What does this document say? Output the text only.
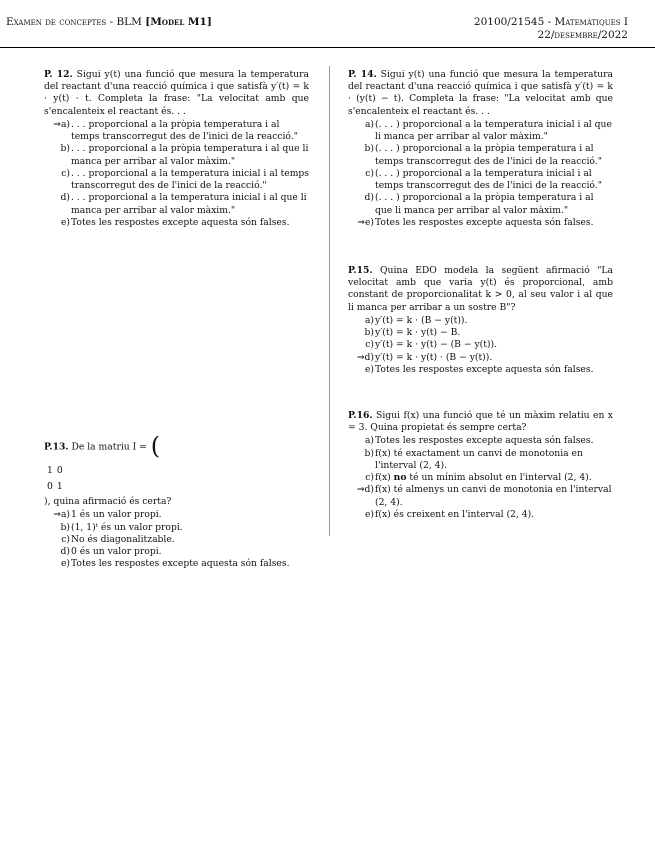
Examen de conceptes - BLM [Model M1]	20100/21545 - Matemàtiques I
22/desembre/2022

P. 12. Sigui y(t) una funció que mesura la temperatura del reactant d'una reacció química i que satisfà y′(t) = k · y(t) · t. Completa la frase: "La velocitat amb que s'encalenteix el reactant és. . .

⇒a) . . . proporcional a la pròpia temperatura i al temps transcorregut des de l'inici de la reacció."
b) . . . proporcional a la pròpia temperatura i al que li manca per arribar al valor màxim."
c) . . . proporcional a la temperatura inicial i al temps transcorregut des de l'inici de la reacció."
d) . . . proporcional a la temperatura inicial i al que li manca per arribar al valor màxim."
e) Totes les respostes excepte aquesta són falses.

P.13. De la matriu I = (

1	0
0	1
), quina afirmació és certa?

⇒a) 1 és un valor propi.
b) (1, 1)ᵗ és un valor propi.
c) No és diagonalitzable.
d) 0 és un valor propi.
e) Totes les respostes excepte aquesta són falses.

P. 14. Sigui y(t) una funció que mesura la temperatura del reactant d'una reacció química i que satisfà y′(t) = k · (y(t) − t). Completa la frase: "La velocitat amb que s'encalenteix el reactant és. . .

a) (. . . ) proporcional a la temperatura inicial i al que li manca per arribar al valor màxim."
b) (. . . ) proporcional a la pròpia temperatura i al temps transcorregut des de l'inici de la reacció."
c) (. . . ) proporcional a la temperatura inicial i al temps transcorregut des de l'inici de la reacció."
d) (. . . ) proporcional a la pròpia temperatura i al que li manca per arribar al valor màxim."
⇒e) Totes les respostes excepte aquesta són falses.

P.15. Quina EDO modela la següent afirmació "La velocitat amb que varia y(t) és proporcional, amb constant de proporcionalitat k > 0, al seu valor i al que li manca per arribar a un sostre B"?

a) y′(t) = k · (B − y(t)).
b) y′(t) = k · y(t) − B.
c) y′(t) = k · y(t) − (B − y(t)).
⇒d) y′(t) = k · y(t) · (B − y(t)).
e) Totes les respostes excepte aquesta són falses.

P.16. Sigui f(x) una funció que té un màxim relatiu en x = 3. Quina propietat és sempre certa?

a) Totes les respostes excepte aquesta són falses.
b) f(x) té exactament un canvi de monotonia en l'interval (2, 4).
c) f(x) no té un mínim absolut en l'interval (2, 4).
⇒d) f(x) té almenys un canvi de monotonia en l'interval (2, 4).
e) f(x) és creixent en l'interval (2, 4).
